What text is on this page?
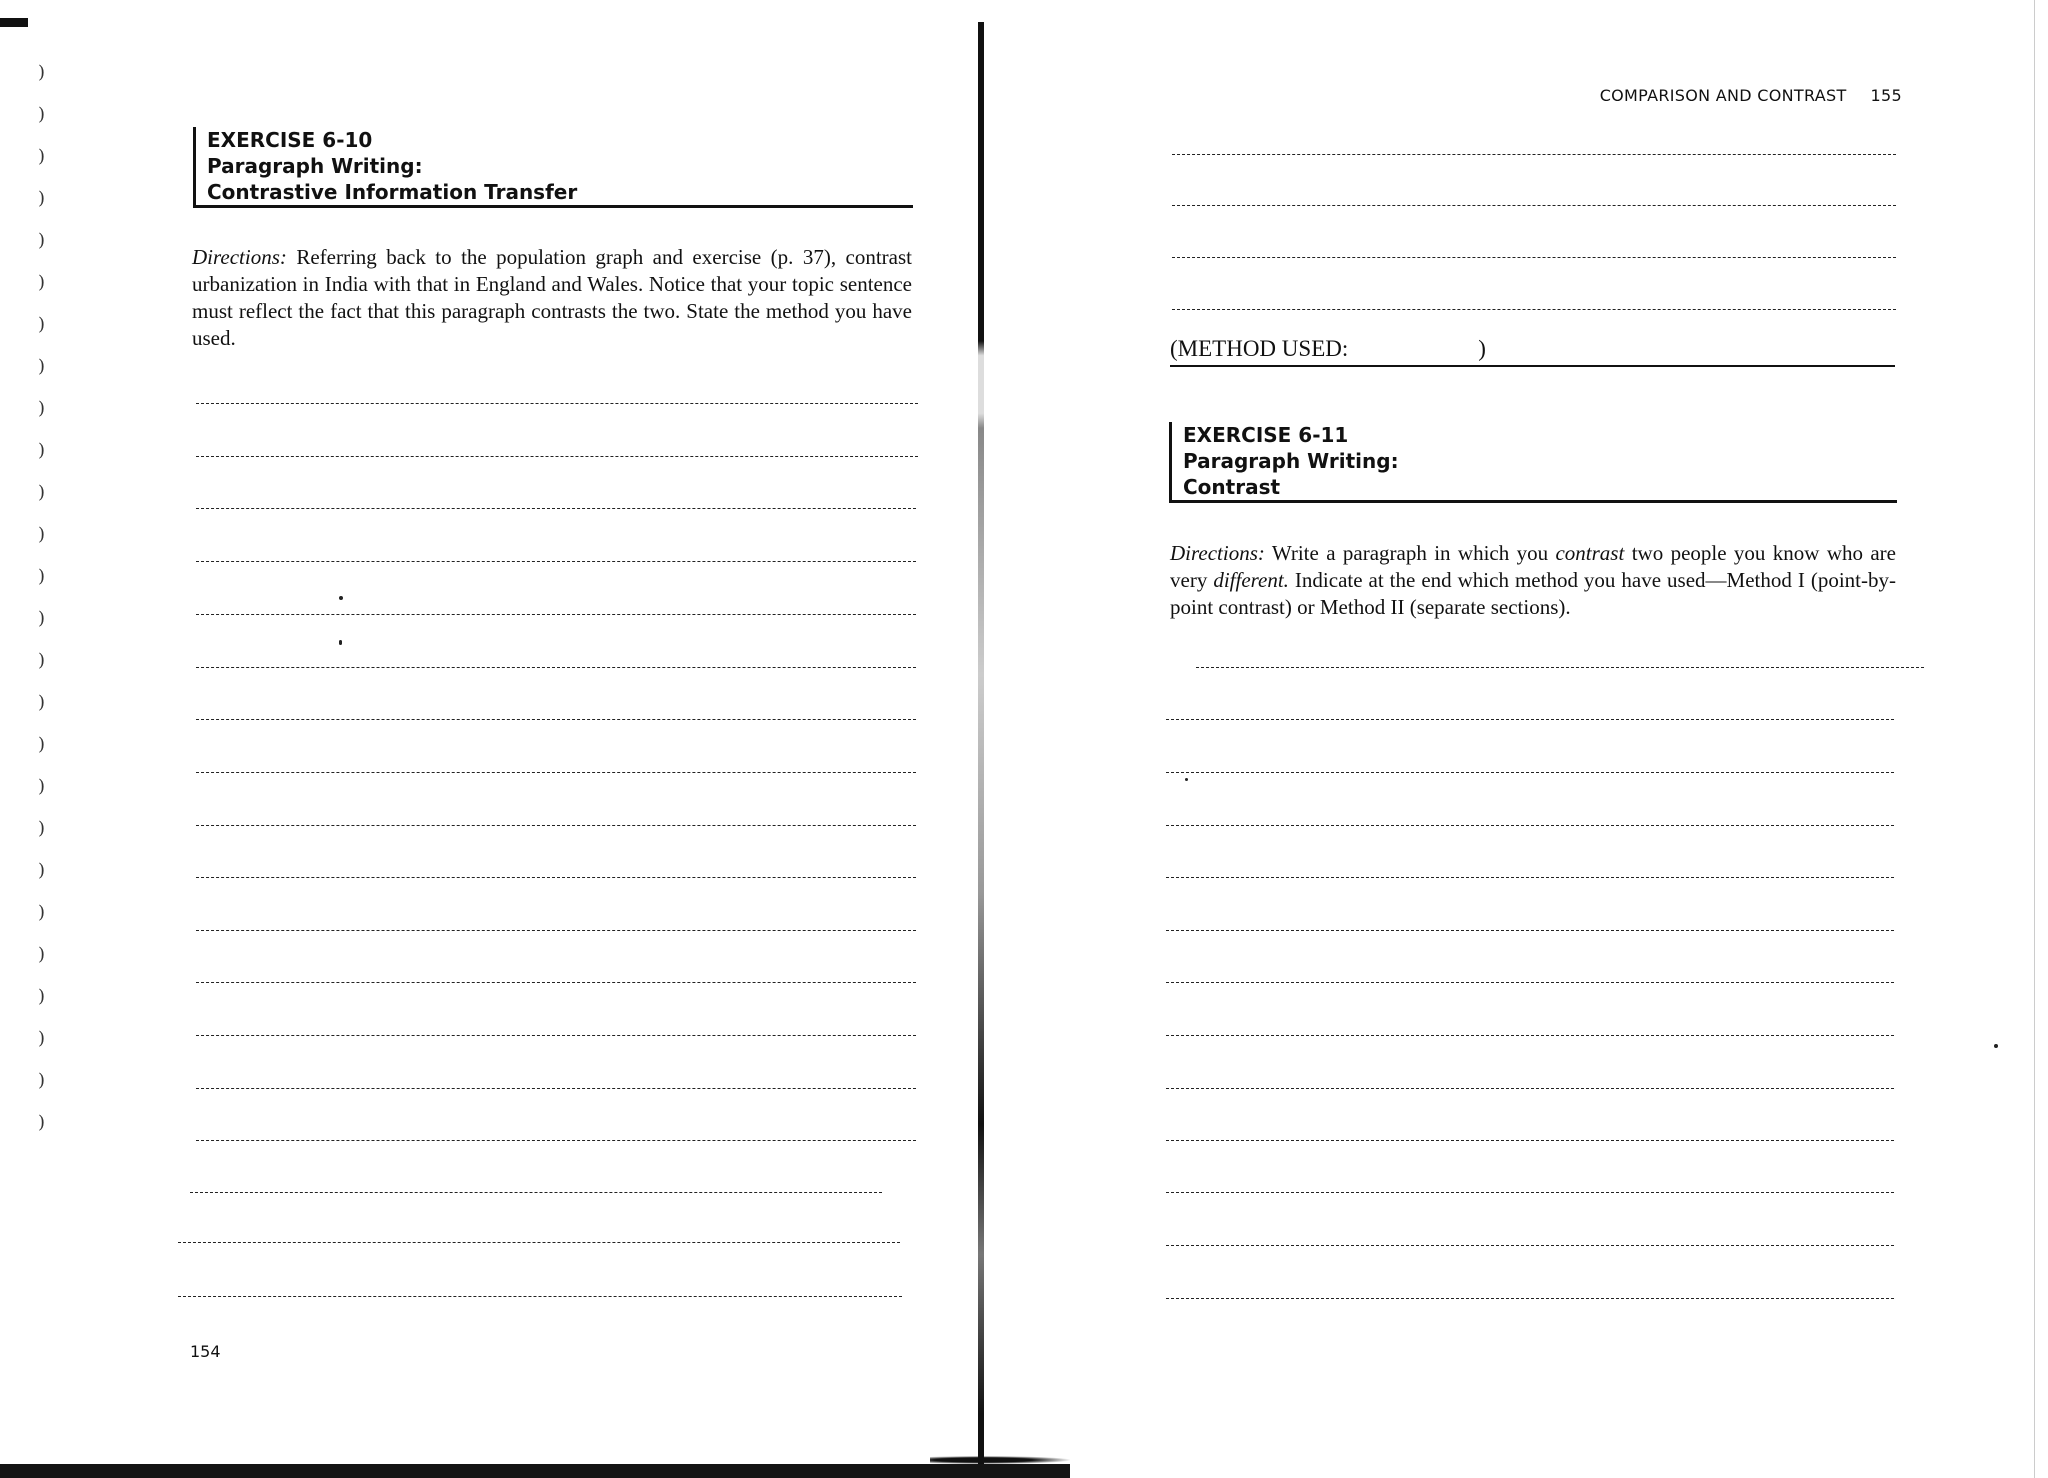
)
)
)
)
)
)
)
)
)
)
)
)
)
)
)
)
)
)
)
)
)
)
)
)
)
)
EXERCISE 6-10
Paragraph Writing:
Contrastive Information Transfer

Directions: Referring back to the population graph and exercise (p. 37), contrast urbanization in India with that in England and Wales. Notice that your topic sentence must reflect the fact that this paragraph contrasts the two. State the method you have used.

154
COMPARISON AND CONTRAST 155
(METHOD USED:	)
EXERCISE 6-11
Paragraph Writing:
Contrast

Directions: Write a paragraph in which you contrast two people you know who are very different. Indicate at the end which method you have used—Method I (point-by-point contrast) or Method II (separate sections).
